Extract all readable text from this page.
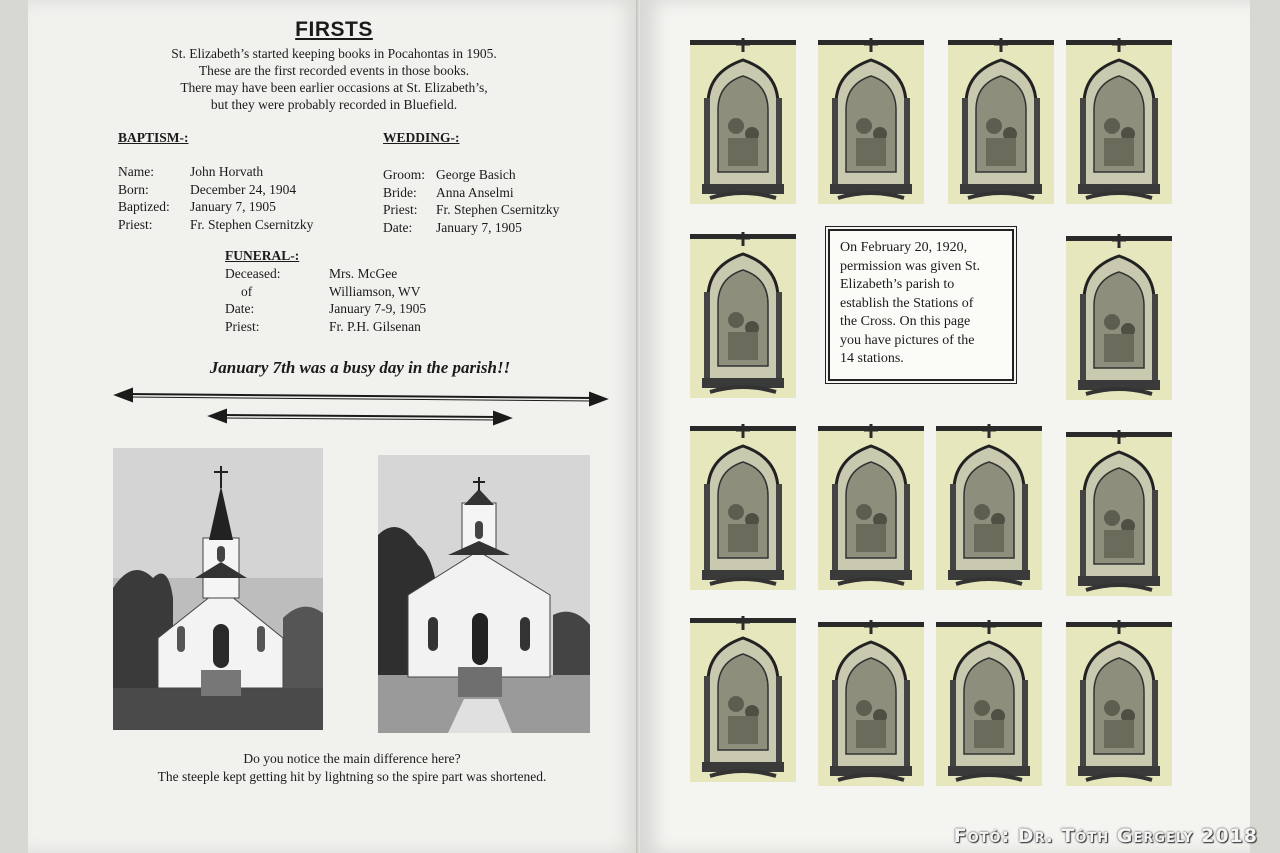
FIRSTS
St. Elizabeth’s started keeping books in Pocahontas in 1905.
These are the first recorded events in those books.
There may have been earlier occasions at St. Elizabeth’s,
but they were probably recorded in Bluefield.
BAPTISM-:
Name:	John Horvath
Born:	December 24, 1904
Baptized:	January 7, 1905
Priest:	Fr. Stephen Csernitzky
WEDDING-:
Groom: George Basich
Bride:	Anna Anselmi
Priest:	Fr. Stephen Csernitzky
Date:	January 7, 1905
FUNERAL-:
Deceased:	Mrs. McGee
of	Williamson, WV
Date:	January 7-9, 1905
Priest:	Fr. P.H. Gilsenan
January 7th was a busy day in the parish!!
Do you notice the main difference here?
The steeple kept getting hit by lightning so the spire part was shortened.
On February 20, 1920,
permission was given St.
Elizabeth’s parish to
establish the Stations of
the Cross. On this page
you have pictures of the
14 stations.
Fotó: Dr. Tóth Gergely 2018
